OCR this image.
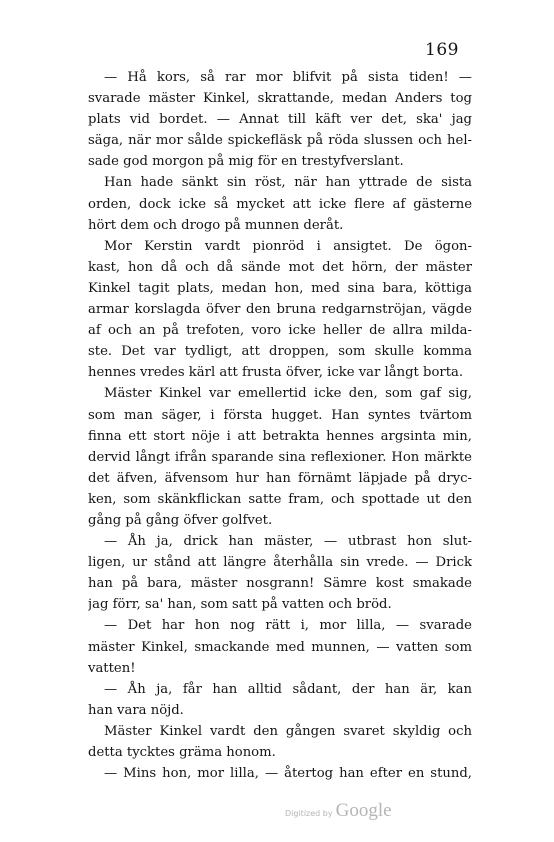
169
— Hå kors, så rar mor blifvit på sista tiden! —
svarade mäster Kinkel, skrattande, medan Anders tog
plats vid bordet. — Annat till käft ver det, ska' jag
säga, när mor sålde spickefläsk på röda slussen och hel-
sade god morgon på mig för en trestyfverslant.
Han hade sänkt sin röst, när han yttrade de sista
orden, dock icke så mycket att icke flere af gästerne
hört dem och drogo på munnen deråt.
Mor Kerstin vardt pionröd i ansigtet. De ögon-
kast, hon då och då sände mot det hörn, der mäster
Kinkel tagit plats, medan hon, med sina bara, köttiga
armar korslagda öfver den bruna redgarnströjan, vägde
af och an på trefoten, voro icke heller de allra milda-
ste. Det var tydligt, att droppen, som skulle komma
hennes vredes kärl att frusta öfver, icke var långt borta.
Mäster Kinkel var emellertid icke den, som gaf sig,
som man säger, i första hugget. Han syntes tvärtom
finna ett stort nöje i att betrakta hennes argsinta min,
dervid långt ifrån sparande sina reflexioner. Hon märkte
det äfven, äfvensom hur han förnämt läpjade på dryc-
ken, som skänkflickan satte fram, och spottade ut den
gång på gång öfver golfvet.
— Åh ja, drick han mäster, — utbrast hon slut-
ligen, ur stånd att längre återhålla sin vrede. — Drick
han på bara, mäster nosgrann! Sämre kost smakade
jag förr, sa' han, som satt på vatten och bröd.
— Det har hon nog rätt i, mor lilla, — svarade
mäster Kinkel, smackande med munnen, — vatten som
vatten!
— Åh ja, får han alltid sådant, der han är, kan
han vara nöjd.
Mäster Kinkel vardt den gången svaret skyldig och
detta tycktes gräma honom.
— Mins hon, mor lilla, — återtog han efter en stund,
Digitized by Google
